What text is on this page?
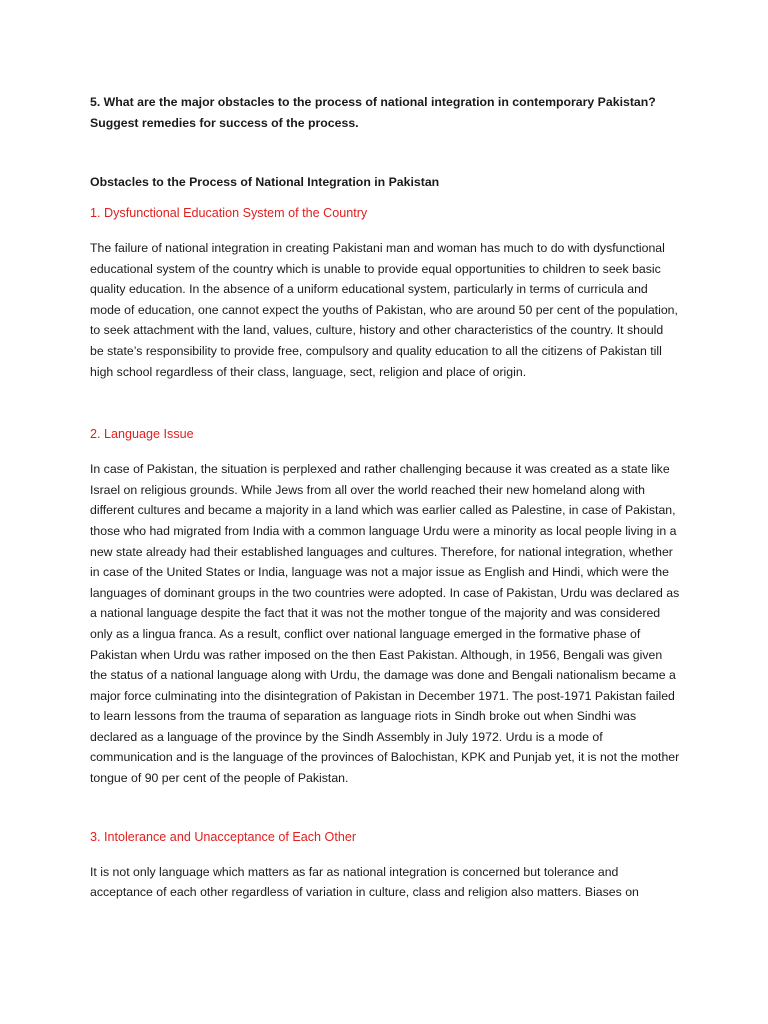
5. What are the major obstacles to the process of national integration in contemporary Pakistan? Suggest remedies for success of the process.

Obstacles to the Process of National Integration in Pakistan

1. Dysfunctional Education System of the Country

The failure of national integration in creating Pakistani man and woman has much to do with dysfunctional educational system of the country which is unable to provide equal opportunities to children to seek basic quality education. In the absence of a uniform educational system, particularly in terms of curricula and mode of education, one cannot expect the youths of Pakistan, who are around 50 per cent of the population, to seek attachment with the land, values, culture, history and other characteristics of the country. It should be state’s responsibility to provide free, compulsory and quality education to all the citizens of Pakistan till high school regardless of their class, language, sect, religion and place of origin.

2. Language Issue

In case of Pakistan, the situation is perplexed and rather challenging because it was created as a state like Israel on religious grounds. While Jews from all over the world reached their new homeland along with different cultures and became a majority in a land which was earlier called as Palestine, in case of Pakistan, those who had migrated from India with a common language Urdu were a minority as local people living in a new state already had their established languages and cultures. Therefore, for national integration, whether in case of the United States or India, language was not a major issue as English and Hindi, which were the languages of dominant groups in the two countries were adopted. In case of Pakistan, Urdu was declared as a national language despite the fact that it was not the mother tongue of the majority and was considered only as a lingua franca. As a result, conflict over national language emerged in the formative phase of Pakistan when Urdu was rather imposed on the then East Pakistan. Although, in 1956, Bengali was given the status of a national language along with Urdu, the damage was done and Bengali nationalism became a major force culminating into the disintegration of Pakistan in December 1971. The post-1971 Pakistan failed to learn lessons from the trauma of separation as language riots in Sindh broke out when Sindhi was declared as a language of the province by the Sindh Assembly in July 1972. Urdu is a mode of communication and is the language of the provinces of Balochistan, KPK and Punjab yet, it is not the mother tongue of 90 per cent of the people of Pakistan.

3. Intolerance and Unacceptance of Each Other

It is not only language which matters as far as national integration is concerned but tolerance and acceptance of each other regardless of variation in culture, class and religion also matters. Biases on
